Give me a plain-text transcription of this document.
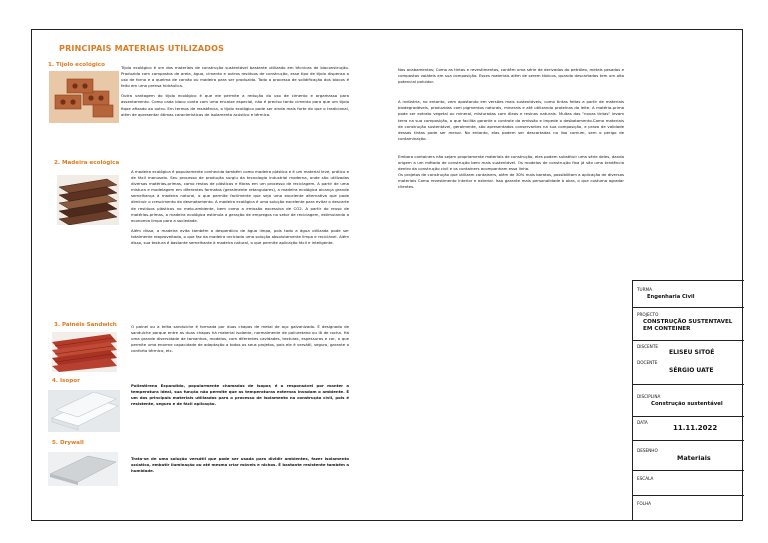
PRINCIPAIS MATERIAIS UTILIZADOS
1. Tijolo ecológico	Tijolo ecológico é um dos materiais de construção sustentável bastante utilizado em técnicas de bioconstrução. Produzido com compostos de areia, água, cimento e outros resíduos de construção, esse tipo de tijolo dispensa o uso de forno e a queima de carvão ou madeira para ser produzido. Todo o processo de solidificação dos blocos é feito em uma prensa hidráulica.

Outra vantagem do tijolo ecológico é que ele permite a redução do uso de cimento e argamassa para assentamento. Como cada bloco conta com uma encaixe especial, não é preciso tanto cimento para que um tijolo fique afixado ao outro. Em termos de resistência, o tijolo ecológico pode ser ainda mais forte do que o tradicional, além de apresentar ótimas características de isolamento acústico e térmico.

2. Madeira ecológica

A madeira ecológica é popularmente conhecida também como madeira plástica e é um material leve, prático e de fácil manuseio. Seu processo de produção surgiu da tecnologia industrial moderna, onde são utilizadas diversas matérias-primas, como restos de plásticos e fibras em um processo de reciclagem. A partir de uma mistura e modelagem em diferentes formatos (geralmente retangulares), a madeira ecológica alcança grande semelhança à madeira natural, o que permite facilmente que seja uma excelente alternativa que pode diminuir o crescimento do desmatamento. A madeira ecológica é uma solução excelente para evitar o descarte de resíduos plásticos no meio-ambiente, bem como a emissão excessiva de CO2. A partir do reuso de matérias-primas, a madeira ecológica estimula a geração de empregos no setor de reciclagem, estimulando a economia limpa para a sociedade.

Além disso, a madeira evita também o desperdício de água limpa, pois todo a água utilizada pode ser totalmente reaproveitada, o que faz da madeira reciclada uma solução absolutamente limpa e reciclável. Além disso, sua textura é bastante semelhante à madeira natural, o que permite aplicação fácil e inteligente.

3. Painéis Sandwich	O painel ou a telha sanduíche é formada por duas chapas de metal de aço galvanizado. É designado de sanduíche porque entre as duas chapas há material isolante, normalmente de poliuretano ou lã de rocha. Há uma grande diversidade de tamanhos, modelos, com diferentes cavidades, texturas, espessuras e cor, o que permite uma enorme capacidade de adaptação a todos os seus projetos, pois ele é versátil, seguro, garante o conforto térmico, etc.

4. Isopor

Poliestireno Expandido, popularmente chamadas de Isopor, é o responsável por manter a temperatura ideal, sua função não permite que as temperaturas externas invadam o ambiente. É um dos principais materiais utilizados para o processo de isolamento na construção civil, pois é resistente, seguro e de fácil aplicação.

5. Drywall

Trata-se de uma solução versátil que pode ser usada para dividir ambientes, fazer isolamento acústico, embutir iluminação ou até mesmo criar móveis e nichos. É bastante resistente também a humidade.

Nos acabamentos; Como as tintas e revestimentos, contêm uma série de derivados do petróleo, metais pesados e compostos voláteis em sua composição. Esses materiais além de serem tóxicos, quando descartados tem um alto potencial poluidor.

A indústria, no entanto, vem apostando em versões mais sustentáveis, como tintas feitas a partir de materiais biodegradáveis, produzidas com pigmentos naturais, minerais e até utilizando proteínas do leite. A matéria-prima pode ser extrato vegetal ou mineral, misturadas com óleos e resinas naturais. Muitas das "novas tintas" levam terra na sua composição, o que facilita garante o controle da emissão e impede o desbotamento.Como materiais de construção sustentável, geralmente, são apresentados conservantes na sua composição, e prazo de validade dessas tintas pode ser menor. No entanto, elas podem ser descartadas no lixo comum, sem o perigo de contaminação.

Embora containers não sejam propriamente materiais de construção, eles podem substituir uma série deles, dando origem a um método de construção bem mais sustentável. Os modelos de construção fixa já são uma tendência dentro da construção civil e os containers acompanham essa linha.

Os projetos de construção que utilizam containers, além de 30% mais baratos, possibilitam a aplicação de diversos materiais Como revestimento interior e exterior. Isso garante mais personalidade à obra, o que costuma agradar clientes.

TURMA
Engenharia Civil
PROJECTO
CONSTRUÇÃO SUSTENTAVEL EM CONTEINER
DISCENTE
ELISEU SITOÉ
DOCENTE
SÉRGIO UATE
DISCIPLINA
Construção sustentável
DATA
11.11.2022
DESENHO
Materiais
ESCALA
FOLHA
